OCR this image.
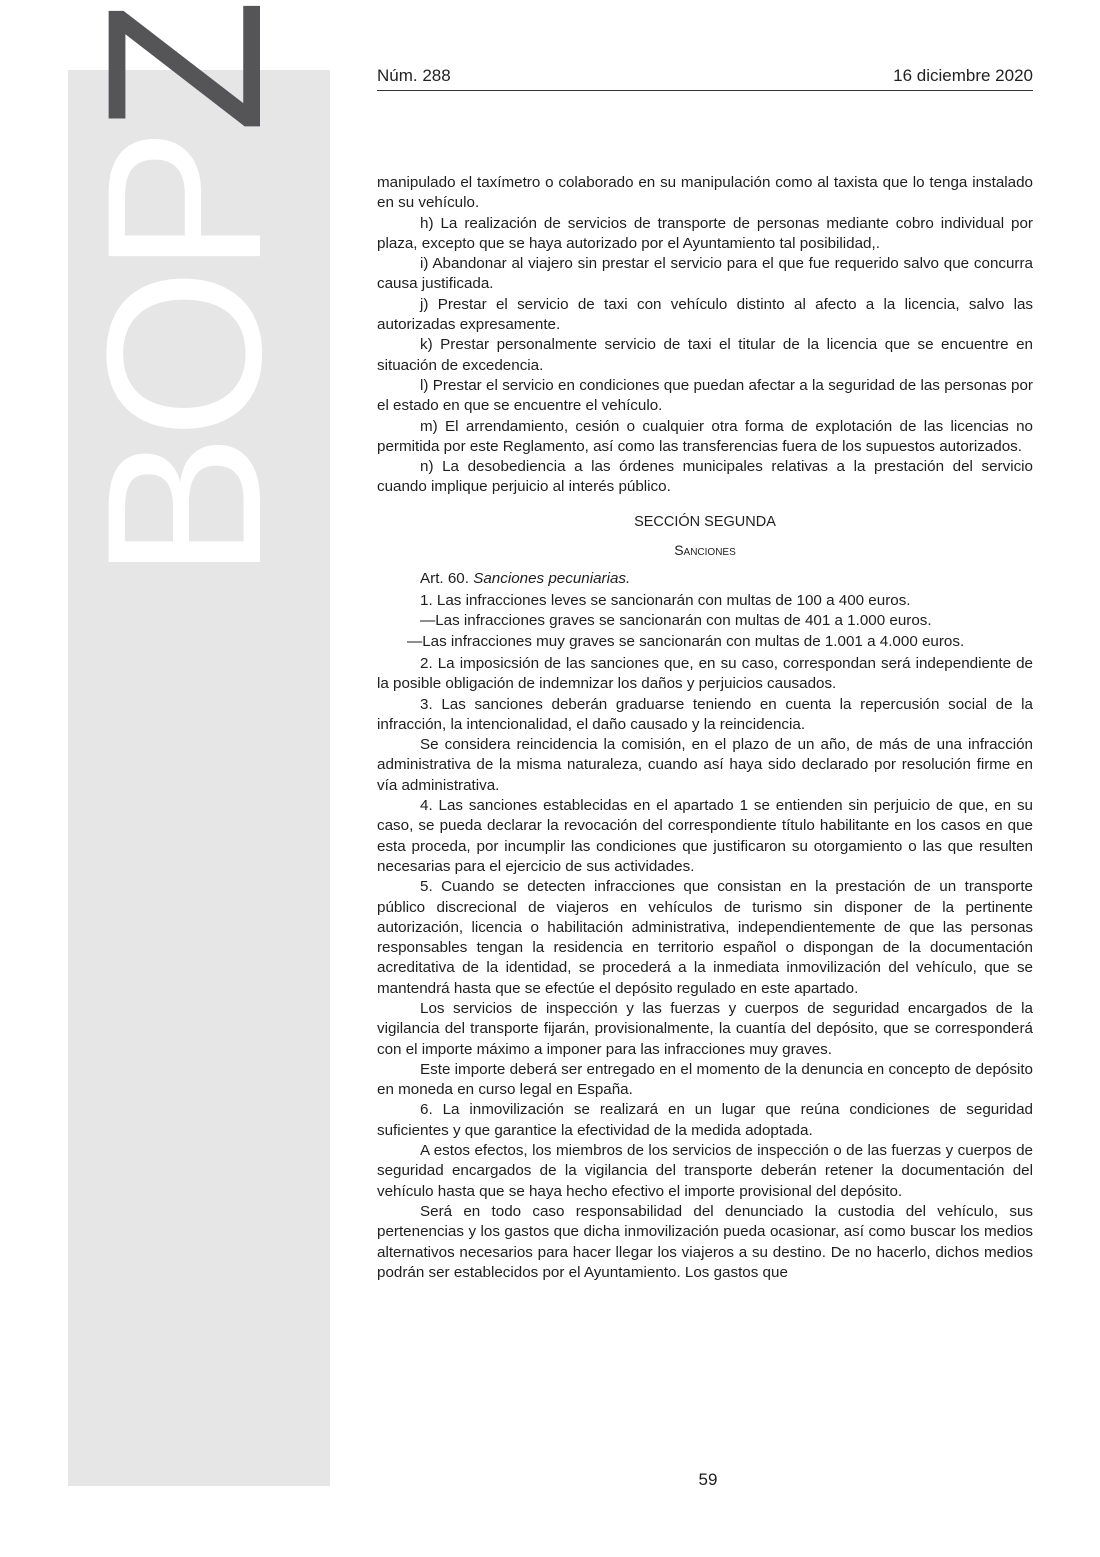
BOPZ	Núm. 288	16 diciembre 2020

manipulado el taxímetro o colaborado en su manipulación como al taxista que lo tenga instalado en su vehículo.

h) La realización de servicios de transporte de personas mediante cobro individual por plaza, excepto que se haya autorizado por el Ayuntamiento tal posibilidad,.

i) Abandonar al viajero sin prestar el servicio para el que fue requerido salvo que concurra causa justificada.

j) Prestar el servicio de taxi con vehículo distinto al afecto a la licencia, salvo las autorizadas expresamente.

k) Prestar personalmente servicio de taxi el titular de la licencia que se encuentre en situación de excedencia.

l) Prestar el servicio en condiciones que puedan afectar a la seguridad de las personas por el estado en que se encuentre el vehículo.

m) El arrendamiento, cesión o cualquier otra forma de explotación de las licencias no permitida por este Reglamento, así como las transferencias fuera de los supuestos autorizados.

n) La desobediencia a las órdenes municipales relativas a la prestación del servicio cuando implique perjuicio al interés público.

SECCIÓN SEGUNDA

Sanciones

Art. 60. Sanciones pecuniarias.

1. Las infracciones leves se sancionarán con multas de 100 a 400 euros.

—Las infracciones graves se sancionarán con multas de 401 a 1.000 euros.

—Las infracciones muy graves se sancionarán con multas de 1.001 a 4.000 euros.

2. La imposicsión de las sanciones que, en su caso, correspondan será independiente de la posible obligación de indemnizar los daños y perjuicios causados.

3. Las sanciones deberán graduarse teniendo en cuenta la repercusión social de la infracción, la intencionalidad, el daño causado y la reincidencia.

Se considera reincidencia la comisión, en el plazo de un año, de más de una infracción administrativa de la misma naturaleza, cuando así haya sido declarado por resolución firme en vía administrativa.

4. Las sanciones establecidas en el apartado 1 se entienden sin perjuicio de que, en su caso, se pueda declarar la revocación del correspondiente título habilitante en los casos en que esta proceda, por incumplir las condiciones que justificaron su otorgamiento o las que resulten necesarias para el ejercicio de sus actividades.

5. Cuando se detecten infracciones que consistan en la prestación de un transporte público discrecional de viajeros en vehículos de turismo sin disponer de la pertinente autorización, licencia o habilitación administrativa, independientemente de que las personas responsables tengan la residencia en territorio español o dispongan de la documentación acreditativa de la identidad, se procederá a la inmediata inmovilización del vehículo, que se mantendrá hasta que se efectúe el depósito regulado en este apartado.

Los servicios de inspección y las fuerzas y cuerpos de seguridad encargados de la vigilancia del transporte fijarán, provisionalmente, la cuantía del depósito, que se corresponderá con el importe máximo a imponer para las infracciones muy graves.

Este importe deberá ser entregado en el momento de la denuncia en concepto de depósito en moneda en curso legal en España.

6. La inmovilización se realizará en un lugar que reúna condiciones de seguridad suficientes y que garantice la efectividad de la medida adoptada.

A estos efectos, los miembros de los servicios de inspección o de las fuerzas y cuerpos de seguridad encargados de la vigilancia del transporte deberán retener la documentación del vehículo hasta que se haya hecho efectivo el importe provisional del depósito.

Será en todo caso responsabilidad del denunciado la custodia del vehículo, sus pertenencias y los gastos que dicha inmovilización pueda ocasionar, así como buscar los medios alternativos necesarios para hacer llegar los viajeros a su destino. De no hacerlo, dichos medios podrán ser establecidos por el Ayuntamiento. Los gastos que

59
